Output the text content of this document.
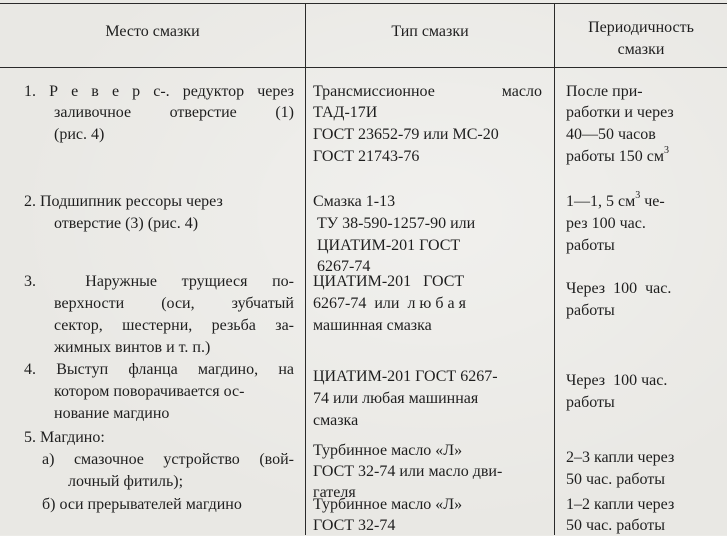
Место смазки	Тип смазки	Периодичность
смазки
1. Р е в е р с-. редуктор через
заливочное отверстие (1)
(рис. 4)
Трансмиссионное масло
ТАД-17И
ГОСТ 23652-79 или МС-20
ГОСТ 21743-76
После при-
работки и через
40—50 часов
работы 150 $см^3$
2. Подшипник рессоры через
отверстие (3) (рис. 4)
Смазка 1-13
ТУ 38-590-1257-90 или
ЦИАТИМ-201 ГОСТ
6267-74
1—1, 5 $см^3$ че-
рез 100 час.
работы
3.  Наружные трущиеся по-
верхности (оси, зубчатый
сектор, шестерни, резьба за-
жимных винтов и т. п.)
ЦИАТИМ-201   ГОСТ
6267-74  или  л ю б а я
машинная смазка
Через  100  час.
работы
4. Выступ фланца магдино, на
котором поворачивается ос-
нование магдино
ЦИАТИМ-201 ГОСТ 6267-
74 или любая машинная
смазка
Через  100 час.
работы
5. Магдино:
а) смазочное устройство (вой-
лочный фитиль);
б) оси прерывателей магдино
Турбинное масло «Л»
ГОСТ 32-74 или масло дви-
гателя
Турбинное масло «Л»
ГОСТ 32-74
2–3 капли через
50 час. работы
1–2 капли через
50 час. работы
